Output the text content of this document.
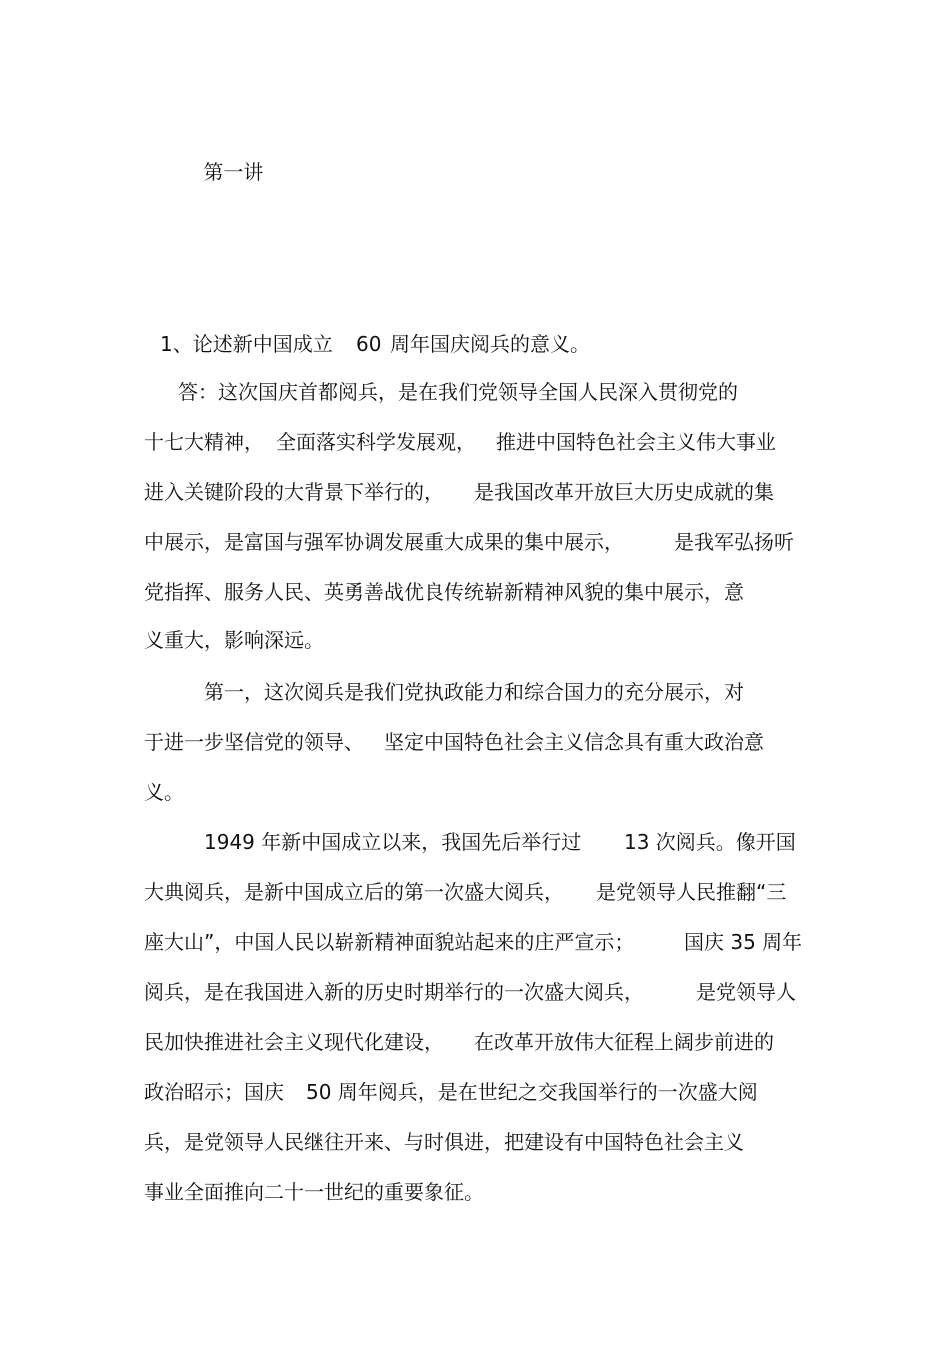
第一讲

1、论述新中国成立

60

周年国庆阅兵的意义。

答：这次国庆首都阅兵，是在我们党领导全国人民深入贯彻党的

十七大精神，

全面落实科学发展观，

推进中国特色社会主义伟大事业

进入关键阶段的大背景下举行的，

是我国改革开放巨大历史成就的集

中展示，是富国与强军协调发展重大成果的集中展示，

	是我军弘扬听

党指挥、服务人民、英勇善战优良传统崭新精神风貌的集中展示，意

义重大，影响深远。

第一，这次阅兵是我们党执政能力和综合国力的充分展示，对

于进一步坚信党的领导、

坚定中国特色社会主义信念具有重大政治意

义。

1949 年新中国成立以来，我国先后举行过

13 次阅兵。像开国

大典阅兵，是新中国成立后的第一次盛大阅兵，

是党领导人民推翻“三

座大山”，中国人民以崭新精神面貌站起来的庄严宣示；

国庆 35 周年

阅兵，是在我国进入新的历史时期举行的一次盛大阅兵，

	是党领导人

民加快推进社会主义现代化建设，

在改革开放伟大征程上阔步前进的

政治昭示；国庆

50 周年阅兵，是在世纪之交我国举行的一次盛大阅

兵，是党领导人民继往开来、与时俱进，把建设有中国特色社会主义

事业全面推向二十一世纪的重要象征。
